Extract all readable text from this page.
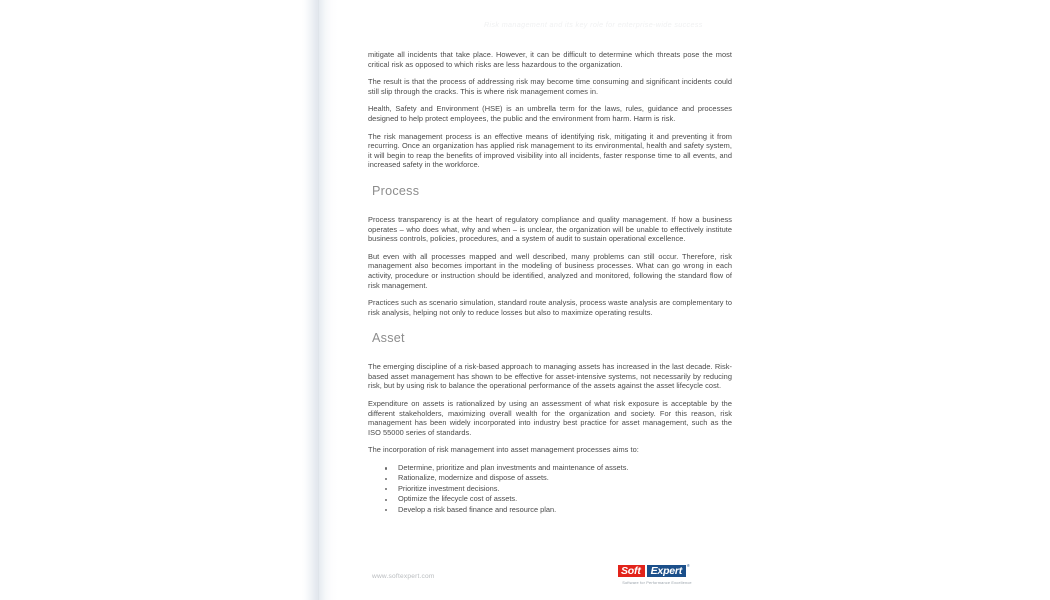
Risk management and its key role for enterprise-wide success

mitigate all incidents that take place. However, it can be difficult to determine which threats pose the most critical risk as opposed to which risks are less hazardous to the organization.

The result is that the process of addressing risk may become time consuming and significant incidents could still slip through the cracks. This is where risk management comes in.

Health, Safety and Environment (HSE) is an umbrella term for the laws, rules, guidance and processes designed to help protect employees, the public and the environment from harm. Harm is risk.

The risk management process is an effective means of identifying risk, mitigating it and preventing it from recurring. Once an organization has applied risk management to its environmental, health and safety system, it will begin to reap the benefits of improved visibility into all incidents, faster response time to all events, and increased safety in the workforce.

Process

Process transparency is at the heart of regulatory compliance and quality management. If how a business operates – who does what, why and when – is unclear, the organization will be unable to effectively institute business controls, policies, procedures, and a system of audit to sustain operational excellence.

But even with all processes mapped and well described, many problems can still occur. Therefore, risk management also becomes important in the modeling of business processes. What can go wrong in each activity, procedure or instruction should be identified, analyzed and monitored, following the standard flow of risk management.

Practices such as scenario simulation, standard route analysis, process waste analysis are complementary to risk analysis, helping not only to reduce losses but also to maximize operating results.

Asset

The emerging discipline of a risk-based approach to managing assets has increased in the last decade. Risk-based asset management has shown to be effective for asset-intensive systems, not necessarily by reducing risk, but by using risk to balance the operational performance of the assets against the asset lifecycle cost.

Expenditure on assets is rationalized by using an assessment of what risk exposure is acceptable by the different stakeholders, maximizing overall wealth for the organization and society. For this reason, risk management has been widely incorporated into industry best practice for asset management, such as the ISO 55000 series of standards.

The incorporation of risk management into asset management processes aims to:

Determine, prioritize and plan investments and maintenance of assets.
Rationalize, modernize and dispose of assets.
Prioritize investment decisions.
Optimize the lifecycle cost of assets.
Develop a risk based finance and resource plan.
www.softexpert.com	Soft Expert ®
Software for Performance Excellence
